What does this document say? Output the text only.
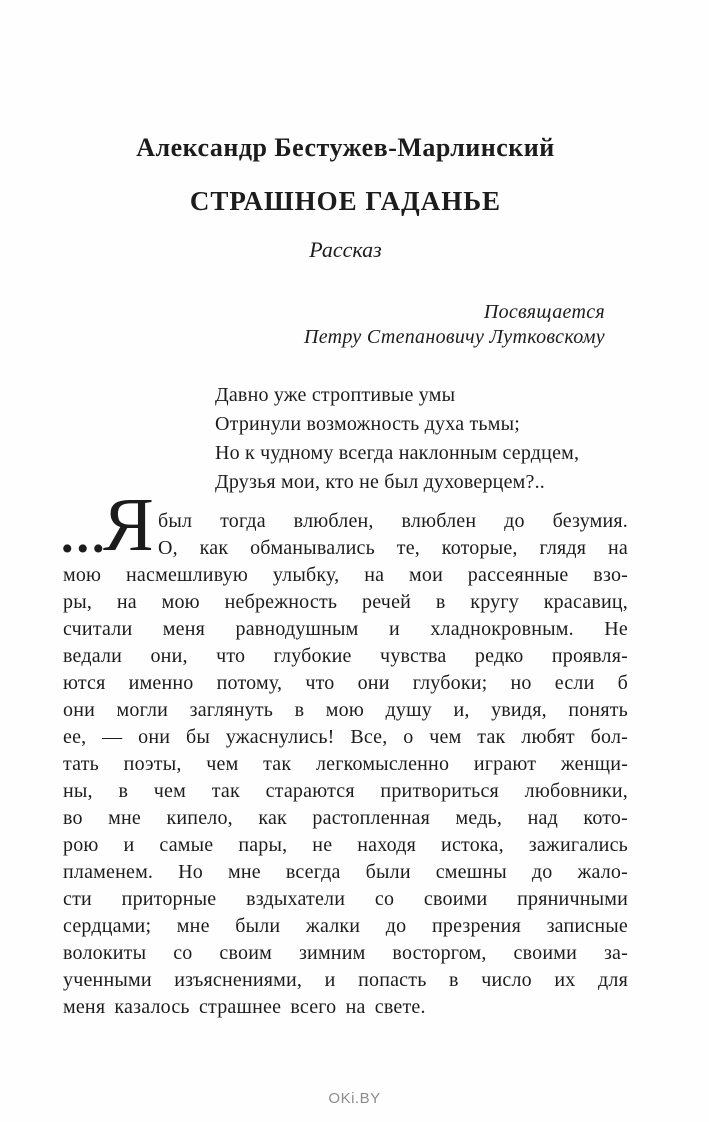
Александр Бестужев-Марлинский
СТРАШНОЕ ГАДАНЬЕ
Рассказ
Посвящается
Петру Степановичу Лутковскому
Давно уже строптивые умы
Отринули возможность духа тьмы;
Но к чудному всегда наклонным сердцем,
Друзья мои, кто не был духоверцем?..
...
Я был тогда влюблен, влюблен до безумия.
О, как обманывались те, которые, глядя на
мою насмешливую улыбку, на мои рассеянные взо-
ры, на мою небрежность речей в кругу красавиц,
считали меня равнодушным и хладнокровным. Не
ведали они, что глубокие чувства редко проявля-
ются именно потому, что они глубоки; но если б
они могли заглянуть в мою душу и, увидя, понять
ее, — они бы ужаснулись! Все, о чем так любят бол-
тать поэты, чем так легкомысленно играют женщи-
ны, в чем так стараются притвориться любовники,
во мне кипело, как растопленная медь, над кото-
рою и самые пары, не находя истока, зажигались
пламенем. Но мне всегда были смешны до жало-
сти приторные вздыхатели со своими пряничными
сердцами; мне были жалки до презрения записные
волокиты со своим зимним восторгом, своими за-
ученными изъяснениями, и попасть в число их для
меня казалось страшнее всего на свете.
OKi.BY
